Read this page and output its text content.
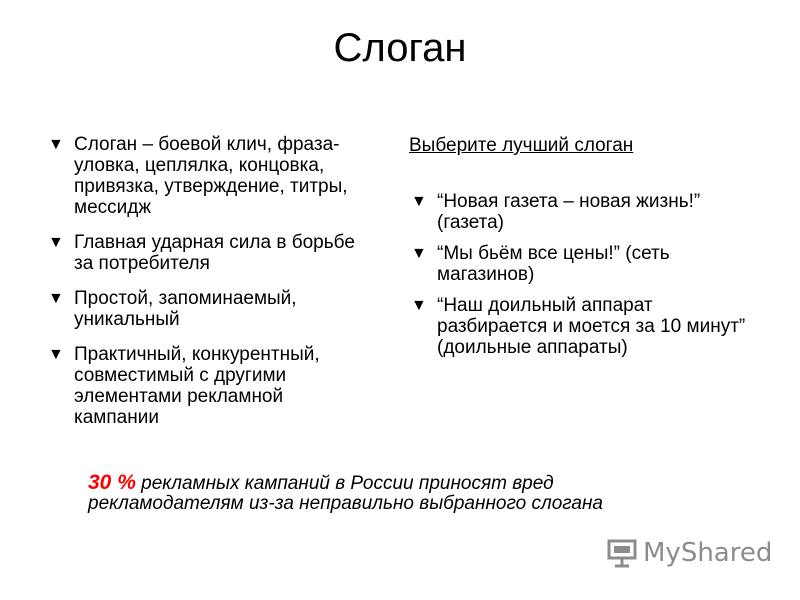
Слоган
▼ Слоган – боевой клич, фраза-уловка, цеплялка, концовка, привязка, утверждение, титры, мессидж
▼ Главная ударная сила в борьбе за потребителя
▼ Простой, запоминаемый, уникальный
▼ Практичный, конкурентный, совместимый с другими элементами рекламной кампании
Выберите лучший слоган
▼ “Новая газета – новая жизнь!” (газета)
▼ “Мы бьём все цены!” (сеть магазинов)
▼ “Наш доильный аппарат разбирается и моется за 10 минут” (доильные аппараты)
30 % рекламных кампаний в России приносят вред рекламодателям из-за неправильно выбранного слогана
MyShared
